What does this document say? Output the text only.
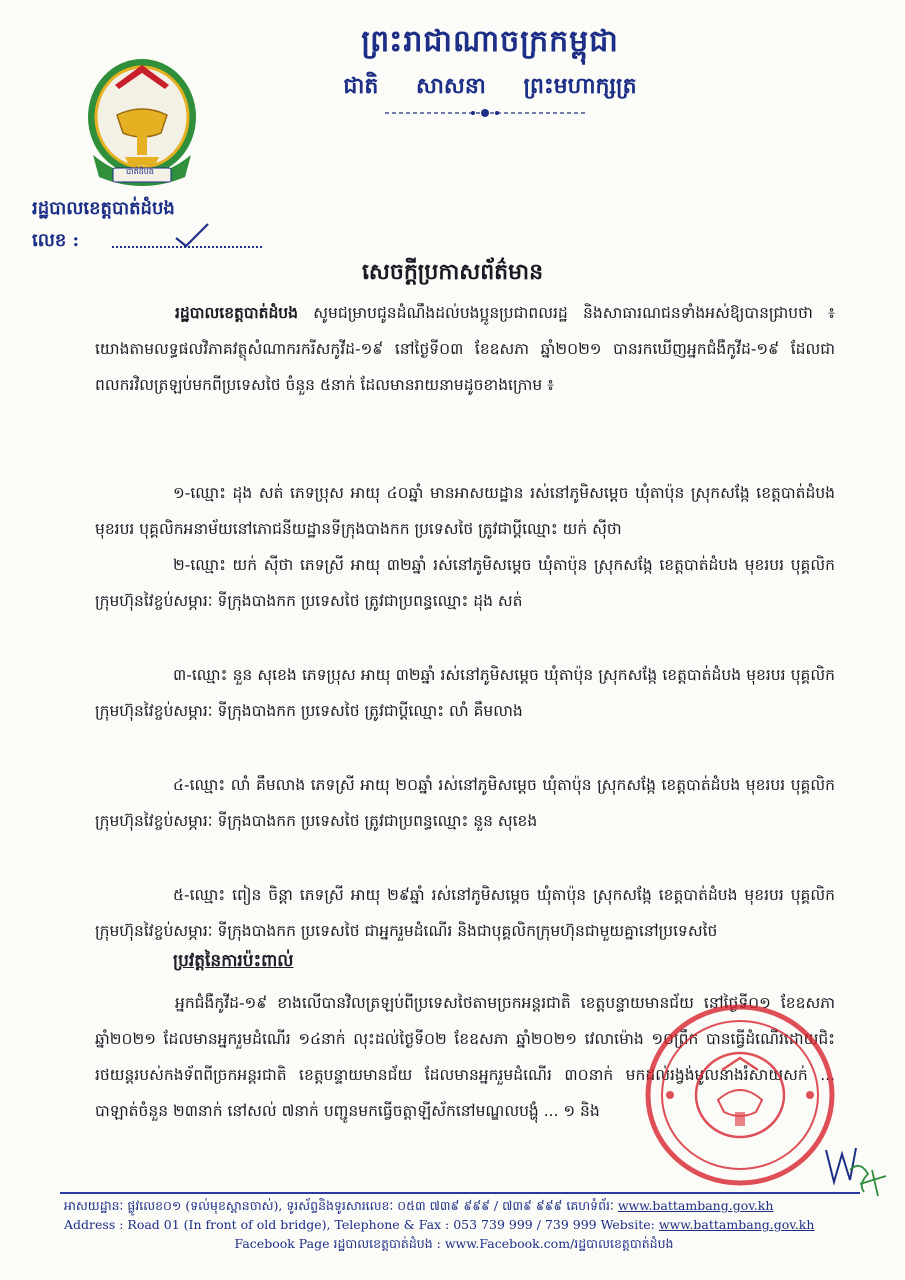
ព្រះរាជាណាចក្រកម្ពុជា
ជាតិ សាសនា ព្រះមហាក្សត្រ
បាត់ដំបង
រដ្ឋបាលខេត្តបាត់ដំបង
លេខ :
សេចក្តីប្រកាសព័ត៌មាន
រដ្ឋបាលខេត្តបាត់ដំបង សូមជម្រាបជូនដំណឹងដល់បងប្អូនប្រជាពលរដ្ឋ និងសាធារណជនទាំងអស់ឱ្យបានជ្រាបថា ៖ យោងតាមលទ្ធផលវិភាគវត្ថុសំណាករករីសកូវីដ-១៩ នៅថ្ងៃទី០៣ ខែឧសភា ឆ្នាំ២០២១ បានរកឃើញអ្នកជំងឺកូវីដ-១៩ ដែលជាពលករវិលត្រឡប់មកពីប្រទេសថៃ ចំនួន ៥នាក់ ដែលមានរាយនាមដូចខាងក្រោម ៖
១-ឈ្មោះ ដុង សត់ ភេទប្រុស អាយុ ៤០ឆ្នាំ មានអាសយដ្ឋាន រស់នៅភូមិសម្តេច ឃុំតាប៉ុន ស្រុកសង្កែ ខេត្តបាត់ដំបង មុខរបរ បុគ្គលិកអនាម័យនៅភោជនីយដ្ឋានទីក្រុងបាងកក ប្រទេសថៃ ត្រូវជាប្តីឈ្មោះ យក់ ស៊ីថា
២-ឈ្មោះ យក់ ស៊ីថា ភេទស្រី អាយុ ៣២ឆ្នាំ រស់នៅភូមិសម្តេច ឃុំតាប៉ុន ស្រុកសង្កែ ខេត្តបាត់ដំបង មុខរបរ បុគ្គលិកក្រុមហ៊ុនវៃខ្ចប់សម្ភារៈ ទីក្រុងបាងកក ប្រទេសថៃ ត្រូវជាប្រពន្ធឈ្មោះ ដុង សត់
៣-ឈ្មោះ នួន សុខេង ភេទប្រុស អាយុ ៣២ឆ្នាំ រស់នៅភូមិសម្តេច ឃុំតាប៉ុន ស្រុកសង្កែ ខេត្តបាត់ដំបង មុខរបរ បុគ្គលិកក្រុមហ៊ុនវៃខ្ចប់សម្ភារៈ ទីក្រុងបាងកក ប្រទេសថៃ ត្រូវជាប្តីឈ្មោះ លាំ គឹមលាង
៤-ឈ្មោះ លាំ គឹមលាង ភេទស្រី អាយុ ២០ឆ្នាំ រស់នៅភូមិសម្តេច ឃុំតាប៉ុន ស្រុកសង្កែ ខេត្តបាត់ដំបង មុខរបរ បុគ្គលិកក្រុមហ៊ុនវៃខ្ចប់សម្ភារៈ ទីក្រុងបាងកក ប្រទេសថៃ ត្រូវជាប្រពន្ធឈ្មោះ នួន សុខេង
៥-ឈ្មោះ ពៀន ចិន្តា ភេទស្រី អាយុ ២៩ឆ្នាំ រស់នៅភូមិសម្តេច ឃុំតាប៉ុន ស្រុកសង្កែ ខេត្តបាត់ដំបង មុខរបរ បុគ្គលិកក្រុមហ៊ុនវៃខ្ចប់សម្ភារៈ ទីក្រុងបាងកក ប្រទេសថៃ ជាអ្នករួមដំណើរ និងជាបុគ្គលិកក្រុមហ៊ុនជាមួយគ្នានៅប្រទេសថៃ
ប្រវត្តនៃការប៉ះពាល់
អ្នកជំងឺកូវីដ-១៩ ខាងលើបានវិលត្រឡប់ពីប្រទេសថៃតាមច្រកអន្តរជាតិ ខេត្តបន្ទាយមានជ័យ នៅថ្ងៃទី០១ ខែឧសភា ឆ្នាំ២០២១ ដែលមានអ្នករួមដំណើរ ១៤នាក់ លុះដល់ថ្ងៃទី០២ ខែឧសភា ឆ្នាំ២០២១ វេលាម៉ោង ១០ព្រឹក បានធ្វើដំណើរដោយជិះរថយន្តរបស់កងទ័ពពីច្រកអន្តរជាតិ ខេត្តបន្ទាយមានជ័យ ដែលមានអ្នករួមដំណើរ ៣០នាក់ មកដល់រង្វង់មូលនាងរំសាយសក់ ... បាឡាត់ចំនួន ២៣នាក់ នៅសល់ ៧នាក់ បញ្ជូនមកធ្វើចត្តាឡីស័កនៅមណ្ឌលបង្ហុំ ... ១ និង
អាសយដ្ឋានៈ ផ្លូវលេខ០១ (ទល់មុខស្ពានចាស់), ទូរស័ព្ទនិងទូរសារលេខៈ ០៥៣ ៧៣៩ ៩៩៩ / ៧៣៩ ៩៩៩ គេហទំព័រៈ www.battambang.gov.kh
Address : Road 01 (In front of old bridge), Telephone & Fax : 053 739 999 / 739 999 Website: www.battambang.gov.kh
Facebook Page រដ្ឋបាលខេត្តបាត់ដំបង : www.Facebook.com/រដ្ឋបាលខេត្តបាត់ដំបង
